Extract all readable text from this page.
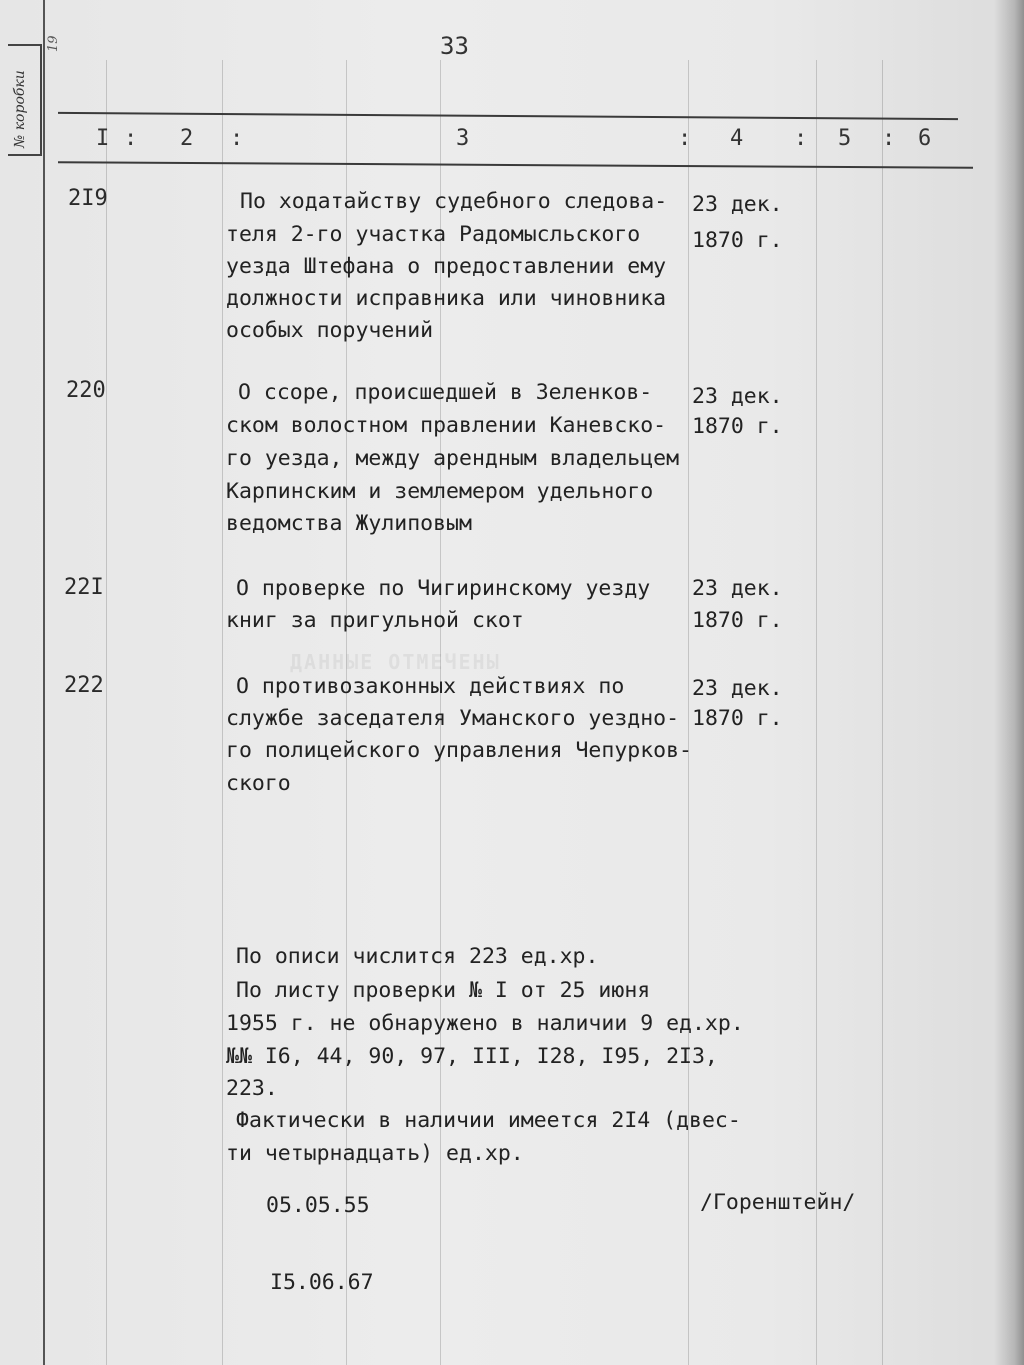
№ коробки
19	33
ДАННЫЕ ОТМЕЧЕНЫ
I : 2 :	3	: 4 : 5 : 6
2I9	По ходатайству судебного следова-
теля 2-го участка Радомысльского
уезда Штефана о предоставлении ему
должности исправника или чиновника
особых поручений
23 дек.
1870 г.
220	О ссоре, происшедшей в Зеленков-
ском волостном правлении Каневско-
го уезда, между арендным владельцем
Карпинским и землемером удельного
ведомства Жулиповым
23 дек.
1870 г.
22I	О проверке по Чигиринскому уезду
книг за пригульной скот
23 дек.
1870 г.
222	О противозаконных действиях по
службе заседателя Уманского уездно-
го полицейского управления Чепурков-
ского
23 дек.
1870 г.
По описи числится 223 ед.хр.
По листу проверки № I от 25 июня
1955 г. не обнаружено в наличии 9 ед.хр.
№№ I6, 44, 90, 97, III, I28, I95, 2I3,
223.
Фактически в наличии имеется 2I4 (двес-
ти четырнадцать) ед.хр.
05.05.55	/Горенштейн/
I5.06.67
